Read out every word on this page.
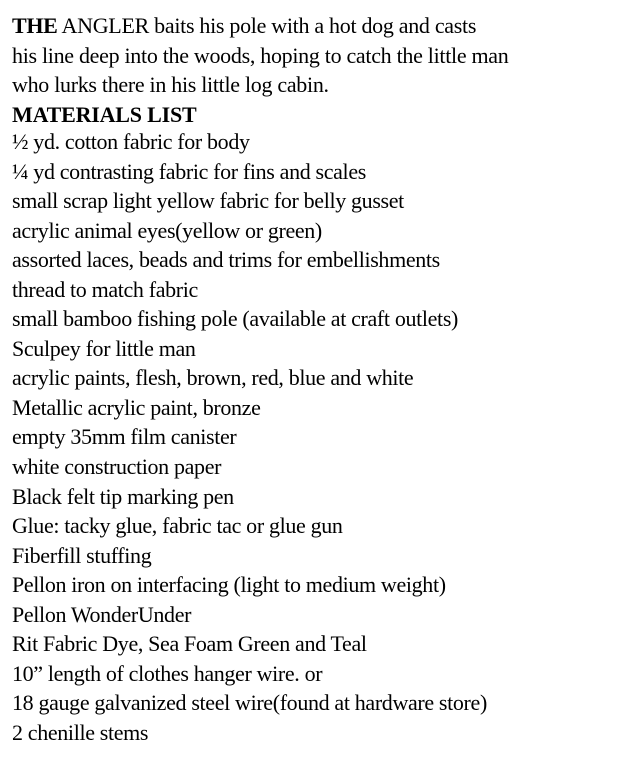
THE ANGLER baits his pole with a hot dog and casts
his line deep into the woods, hoping to catch the little man
who lurks there in his little log cabin.
MATERIALS LIST
½ yd. cotton fabric for body
¼ yd contrasting fabric for fins and scales
small scrap light yellow fabric for belly gusset
acrylic animal eyes(yellow or green)
assorted laces, beads and trims for embellishments
thread to match fabric
small bamboo fishing pole (available at craft outlets)
Sculpey for little man
acrylic paints, flesh, brown, red, blue and white
Metallic acrylic paint, bronze
empty 35mm film canister
white construction paper
Black felt tip marking pen
Glue: tacky glue, fabric tac or glue gun
Fiberfill stuffing
Pellon iron on interfacing (light to medium weight)
Pellon WonderUnder
Rit Fabric Dye, Sea Foam Green and Teal
10” length of clothes hanger wire. or
18 gauge galvanized steel wire(found at hardware store)
2 chenille stems
